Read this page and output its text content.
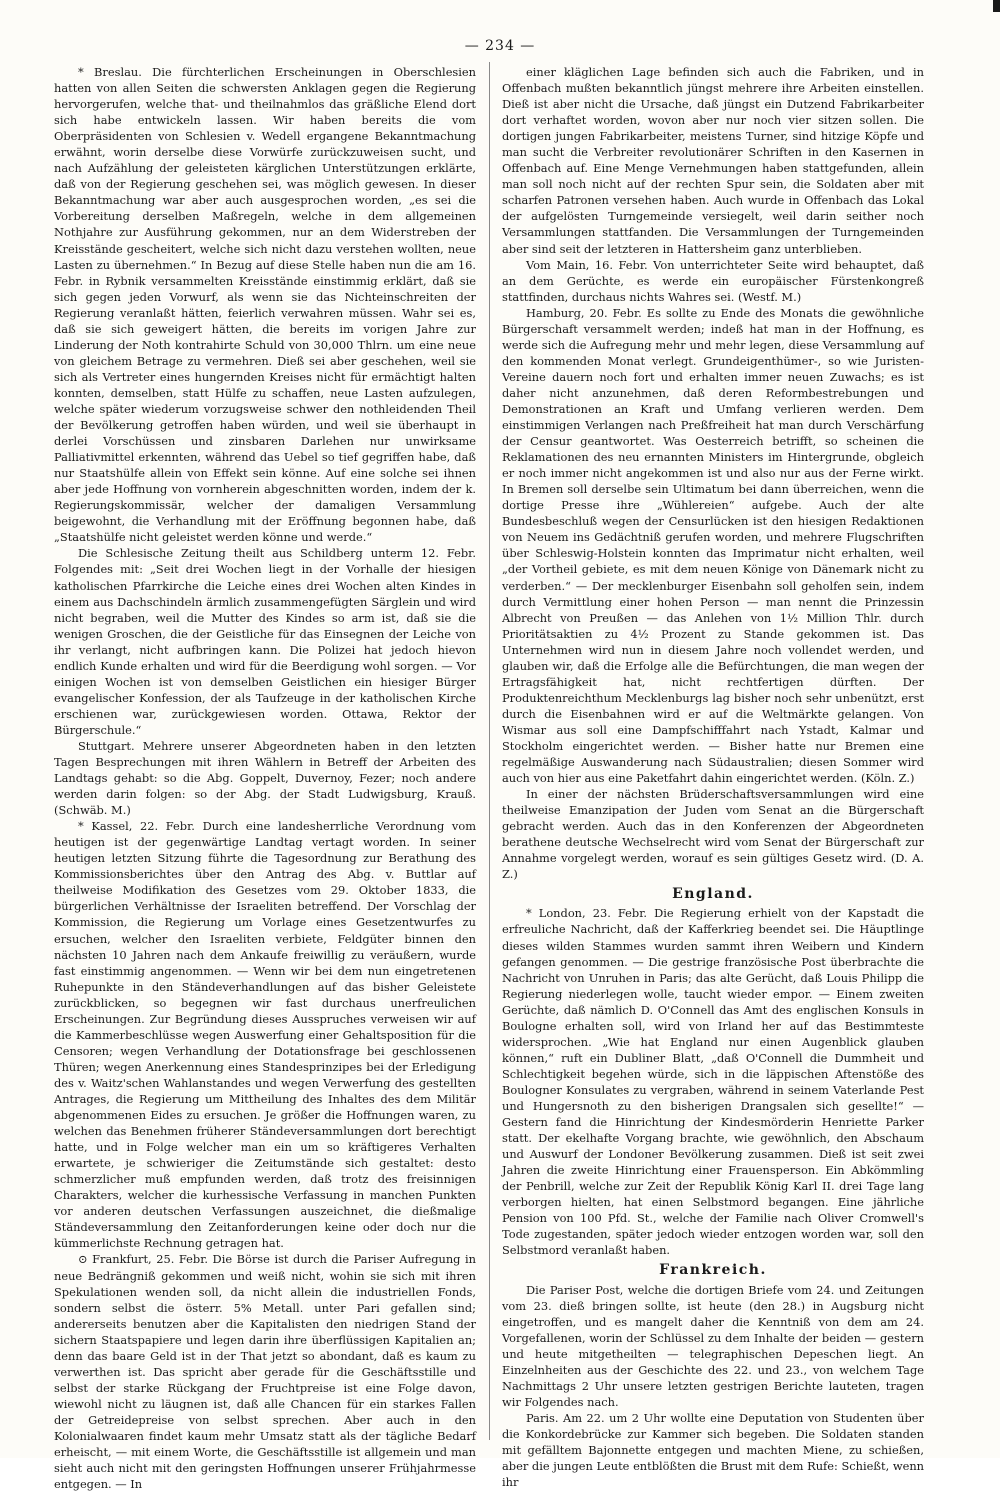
— 234 —

* Breslau. Die fürchterlichen Erscheinungen in Oberschlesien hatten von allen Seiten die schwersten Anklagen gegen die Regierung hervorgerufen, welche that- und theilnahmlos das gräßliche Elend dort sich habe entwickeln lassen. Wir haben bereits die vom Oberpräsidenten von Schlesien v. Wedell ergangene Bekanntmachung erwähnt, worin derselbe diese Vorwürfe zurückzuweisen sucht, und nach Aufzählung der geleisteten kärglichen Unterstützungen erklärte, daß von der Regierung geschehen sei, was möglich gewesen. In dieser Bekanntmachung war aber auch ausgesprochen worden, „es sei die Vorbereitung derselben Maßregeln, welche in dem allgemeinen Nothjahre zur Ausführung gekommen, nur an dem Widerstreben der Kreisstände gescheitert, welche sich nicht dazu verstehen wollten, neue Lasten zu übernehmen.“ In Bezug auf diese Stelle haben nun die am 16. Febr. in Rybnik versammelten Kreisstände einstimmig erklärt, daß sie sich gegen jeden Vorwurf, als wenn sie das Nichteinschreiten der Regierung veranlaßt hätten, feierlich verwahren müssen. Wahr sei es, daß sie sich geweigert hätten, die bereits im vorigen Jahre zur Linderung der Noth kontrahirte Schuld von 30,000 Thlrn. um eine neue von gleichem Betrage zu vermehren. Dieß sei aber geschehen, weil sie sich als Vertreter eines hungernden Kreises nicht für ermächtigt halten konnten, demselben, statt Hülfe zu schaffen, neue Lasten aufzulegen, welche später wiederum vorzugsweise schwer den nothleidenden Theil der Bevölkerung getroffen haben würden, und weil sie überhaupt in derlei Vorschüssen und zinsbaren Darlehen nur unwirksame Palliativmittel erkennten, während das Uebel so tief gegriffen habe, daß nur Staatshülfe allein von Effekt sein könne. Auf eine solche sei ihnen aber jede Hoffnung von vornherein abgeschnitten worden, indem der k. Regierungskommissär, welcher der damaligen Versammlung beigewohnt, die Verhandlung mit der Eröffnung begonnen habe, daß „Staatshülfe nicht geleistet werden könne und werde.“

Die Schlesische Zeitung theilt aus Schildberg unterm 12. Febr. Folgendes mit: „Seit drei Wochen liegt in der Vorhalle der hiesigen katholischen Pfarrkirche die Leiche eines drei Wochen alten Kindes in einem aus Dachschindeln ärmlich zusammengefügten Särglein und wird nicht begraben, weil die Mutter des Kindes so arm ist, daß sie die wenigen Groschen, die der Geistliche für das Einsegnen der Leiche von ihr verlangt, nicht aufbringen kann. Die Polizei hat jedoch hievon endlich Kunde erhalten und wird für die Beerdigung wohl sorgen. — Vor einigen Wochen ist von demselben Geistlichen ein hiesiger Bürger evangelischer Konfession, der als Taufzeuge in der katholischen Kirche erschienen war, zurückgewiesen worden. Ottawa, Rektor der Bürgerschule.“

Stuttgart. Mehrere unserer Abgeordneten haben in den letzten Tagen Besprechungen mit ihren Wählern in Betreff der Arbeiten des Landtags gehabt: so die Abg. Goppelt, Duvernoy, Fezer; noch andere werden darin folgen: so der Abg. der Stadt Ludwigsburg, Krauß. (Schwäb. M.)

* Kassel, 22. Febr. Durch eine landesherrliche Verordnung vom heutigen ist der gegenwärtige Landtag vertagt worden. In seiner heutigen letzten Sitzung führte die Tagesordnung zur Berathung des Kommissionsberichtes über den Antrag des Abg. v. Buttlar auf theilweise Modifikation des Gesetzes vom 29. Oktober 1833, die bürgerlichen Verhältnisse der Israeliten betreffend. Der Vorschlag der Kommission, die Regierung um Vorlage eines Gesetzentwurfes zu ersuchen, welcher den Israeliten verbiete, Feldgüter binnen den nächsten 10 Jahren nach dem Ankaufe freiwillig zu veräußern, wurde fast einstimmig angenommen. — Wenn wir bei dem nun eingetretenen Ruhepunkte in den Ständeverhandlungen auf das bisher Geleistete zurückblicken, so begegnen wir fast durchaus unerfreulichen Erscheinungen. Zur Begründung dieses Ausspruches verweisen wir auf die Kammerbeschlüsse wegen Auswerfung einer Gehaltsposition für die Censoren; wegen Verhandlung der Dotationsfrage bei geschlossenen Thüren; wegen Anerkennung eines Standesprinzipes bei der Erledigung des v. Waitz'schen Wahlanstandes und wegen Verwerfung des gestellten Antrages, die Regierung um Mittheilung des Inhaltes des dem Militär abgenommenen Eides zu ersuchen. Je größer die Hoffnungen waren, zu welchen das Benehmen früherer Ständeversammlungen dort berechtigt hatte, und in Folge welcher man ein um so kräftigeres Verhalten erwartete, je schwieriger die Zeitumstände sich gestaltet: desto schmerzlicher muß empfunden werden, daß trotz des freisinnigen Charakters, welcher die kurhessische Verfassung in manchen Punkten vor anderen deutschen Verfassungen auszeichnet, die dießmalige Ständeversammlung den Zeitanforderungen keine oder doch nur die kümmerlichste Rechnung getragen hat.

⊙ Frankfurt, 25. Febr. Die Börse ist durch die Pariser Aufregung in neue Bedrängniß gekommen und weiß nicht, wohin sie sich mit ihren Spekulationen wenden soll, da nicht allein die industriellen Fonds, sondern selbst die österr. 5% Metall. unter Pari gefallen sind; andererseits benutzen aber die Kapitalisten den niedrigen Stand der sichern Staatspapiere und legen darin ihre überflüssigen Kapitalien an; denn das baare Geld ist in der That jetzt so abondant, daß es kaum zu verwerthen ist. Das spricht aber gerade für die Geschäftsstille und selbst der starke Rückgang der Fruchtpreise ist eine Folge davon, wiewohl nicht zu läugnen ist, daß alle Chancen für ein starkes Fallen der Getreidepreise von selbst sprechen. Aber auch in den Kolonialwaaren findet kaum mehr Umsatz statt als der tägliche Bedarf erheischt, — mit einem Worte, die Geschäftsstille ist allgemein und man sieht auch nicht mit den geringsten Hoffnungen unserer Frühjahrmesse entgegen. — In

einer kläglichen Lage befinden sich auch die Fabriken, und in Offenbach mußten bekanntlich jüngst mehrere ihre Arbeiten einstellen. Dieß ist aber nicht die Ursache, daß jüngst ein Dutzend Fabrikarbeiter dort verhaftet worden, wovon aber nur noch vier sitzen sollen. Die dortigen jungen Fabrikarbeiter, meistens Turner, sind hitzige Köpfe und man sucht die Verbreiter revolutionärer Schriften in den Kasernen in Offenbach auf. Eine Menge Vernehmungen haben stattgefunden, allein man soll noch nicht auf der rechten Spur sein, die Soldaten aber mit scharfen Patronen versehen haben. Auch wurde in Offenbach das Lokal der aufgelösten Turngemeinde versiegelt, weil darin seither noch Versammlungen stattfanden. Die Versammlungen der Turngemeinden aber sind seit der letzteren in Hattersheim ganz unterblieben.

Vom Main, 16. Febr. Von unterrichteter Seite wird behauptet, daß an dem Gerüchte, es werde ein europäischer Fürstenkongreß stattfinden, durchaus nichts Wahres sei. (Westf. M.)

Hamburg, 20. Febr. Es sollte zu Ende des Monats die gewöhnliche Bürgerschaft versammelt werden; indeß hat man in der Hoffnung, es werde sich die Aufregung mehr und mehr legen, diese Versammlung auf den kommenden Monat verlegt. Grundeigenthümer-, so wie Juristen-Vereine dauern noch fort und erhalten immer neuen Zuwachs; es ist daher nicht anzunehmen, daß deren Reformbestrebungen und Demonstrationen an Kraft und Umfang verlieren werden. Dem einstimmigen Verlangen nach Preßfreiheit hat man durch Verschärfung der Censur geantwortet. Was Oesterreich betrifft, so scheinen die Reklamationen des neu ernannten Ministers im Hintergrunde, obgleich er noch immer nicht angekommen ist und also nur aus der Ferne wirkt. In Bremen soll derselbe sein Ultimatum bei dann überreichen, wenn die dortige Presse ihre „Wühlereien“ aufgebe. Auch der alte Bundesbeschluß wegen der Censurlücken ist den hiesigen Redaktionen von Neuem ins Gedächtniß gerufen worden, und mehrere Flugschriften über Schleswig-Holstein konnten das Imprimatur nicht erhalten, weil „der Vortheil gebiete, es mit dem neuen Könige von Dänemark nicht zu verderben.“ — Der mecklenburger Eisenbahn soll geholfen sein, indem durch Vermittlung einer hohen Person — man nennt die Prinzessin Albrecht von Preußen — das Anlehen von 1½ Million Thlr. durch Prioritätsaktien zu 4½ Prozent zu Stande gekommen ist. Das Unternehmen wird nun in diesem Jahre noch vollendet werden, und glauben wir, daß die Erfolge alle die Befürchtungen, die man wegen der Ertragsfähigkeit hat, nicht rechtfertigen dürften. Der Produktenreichthum Mecklenburgs lag bisher noch sehr unbenützt, erst durch die Eisenbahnen wird er auf die Weltmärkte gelangen. Von Wismar aus soll eine Dampfschifffahrt nach Ystadt, Kalmar und Stockholm eingerichtet werden. — Bisher hatte nur Bremen eine regelmäßige Auswanderung nach Südaustralien; diesen Sommer wird auch von hier aus eine Paketfahrt dahin eingerichtet werden. (Köln. Z.)

In einer der nächsten Brüderschaftsversammlungen wird eine theilweise Emanzipation der Juden vom Senat an die Bürgerschaft gebracht werden. Auch das in den Konferenzen der Abgeordneten berathene deutsche Wechselrecht wird vom Senat der Bürgerschaft zur Annahme vorgelegt werden, worauf es sein gültiges Gesetz wird. (D. A. Z.)

England.

* London, 23. Febr. Die Regierung erhielt von der Kapstadt die erfreuliche Nachricht, daß der Kafferkrieg beendet sei. Die Häuptlinge dieses wilden Stammes wurden sammt ihren Weibern und Kindern gefangen genommen. — Die gestrige französische Post überbrachte die Nachricht von Unruhen in Paris; das alte Gerücht, daß Louis Philipp die Regierung niederlegen wolle, taucht wieder empor. — Einem zweiten Gerüchte, daß nämlich D. O'Connell das Amt des englischen Konsuls in Boulogne erhalten soll, wird von Irland her auf das Bestimmteste widersprochen. „Wie hat England nur einen Augenblick glauben können,“ ruft ein Dubliner Blatt, „daß O'Connell die Dummheit und Schlechtigkeit begehen würde, sich in die läppischen Aftenstöße des Boulogner Konsulates zu vergraben, während in seinem Vaterlande Pest und Hungersnoth zu den bisherigen Drangsalen sich gesellte!“ — Gestern fand die Hinrichtung der Kindesmörderin Henriette Parker statt. Der ekelhafte Vorgang brachte, wie gewöhnlich, den Abschaum und Auswurf der Londoner Bevölkerung zusammen. Dieß ist seit zwei Jahren die zweite Hinrichtung einer Frauensperson. Ein Abkömmling der Penbrill, welche zur Zeit der Republik König Karl II. drei Tage lang verborgen hielten, hat einen Selbstmord begangen. Eine jährliche Pension von 100 Pfd. St., welche der Familie nach Oliver Cromwell's Tode zugestanden, später jedoch wieder entzogen worden war, soll den Selbstmord veranlaßt haben.

Frankreich.

Die Pariser Post, welche die dortigen Briefe vom 24. und Zeitungen vom 23. dieß bringen sollte, ist heute (den 28.) in Augsburg nicht eingetroffen, und es mangelt daher die Kenntniß von dem am 24. Vorgefallenen, worin der Schlüssel zu dem Inhalte der beiden — gestern und heute mitgetheilten — telegraphischen Depeschen liegt. An Einzelnheiten aus der Geschichte des 22. und 23., von welchem Tage Nachmittags 2 Uhr unsere letzten gestrigen Berichte lauteten, tragen wir Folgendes nach.

Paris. Am 22. um 2 Uhr wollte eine Deputation von Studenten über die Konkordebrücke zur Kammer sich begeben. Die Soldaten standen mit gefälltem Bajonnette entgegen und machten Miene, zu schießen, aber die jungen Leute entblößten die Brust mit dem Rufe: Schießt, wenn ihr
